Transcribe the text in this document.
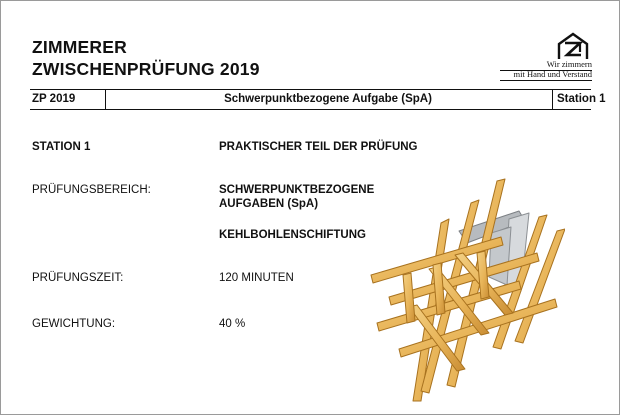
ZIMMERER
ZWISCHENPRÜFUNG 2019	Wir zimmern
mit Hand und Verstand
ZP 2019	Schwerpunktbezogene Aufgabe (SpA)	Station 1
STATION 1	PRAKTISCHER TEIL DER PRÜFUNG
PRÜFUNGSBEREICH:	SCHWERPUNKTBEZOGENE
AUFGABEN (SpA)
KEHLBOHLENSCHIFTUNG
PRÜFUNGSZEIT:	120 MINUTEN
GEWICHTUNG:	40 %
